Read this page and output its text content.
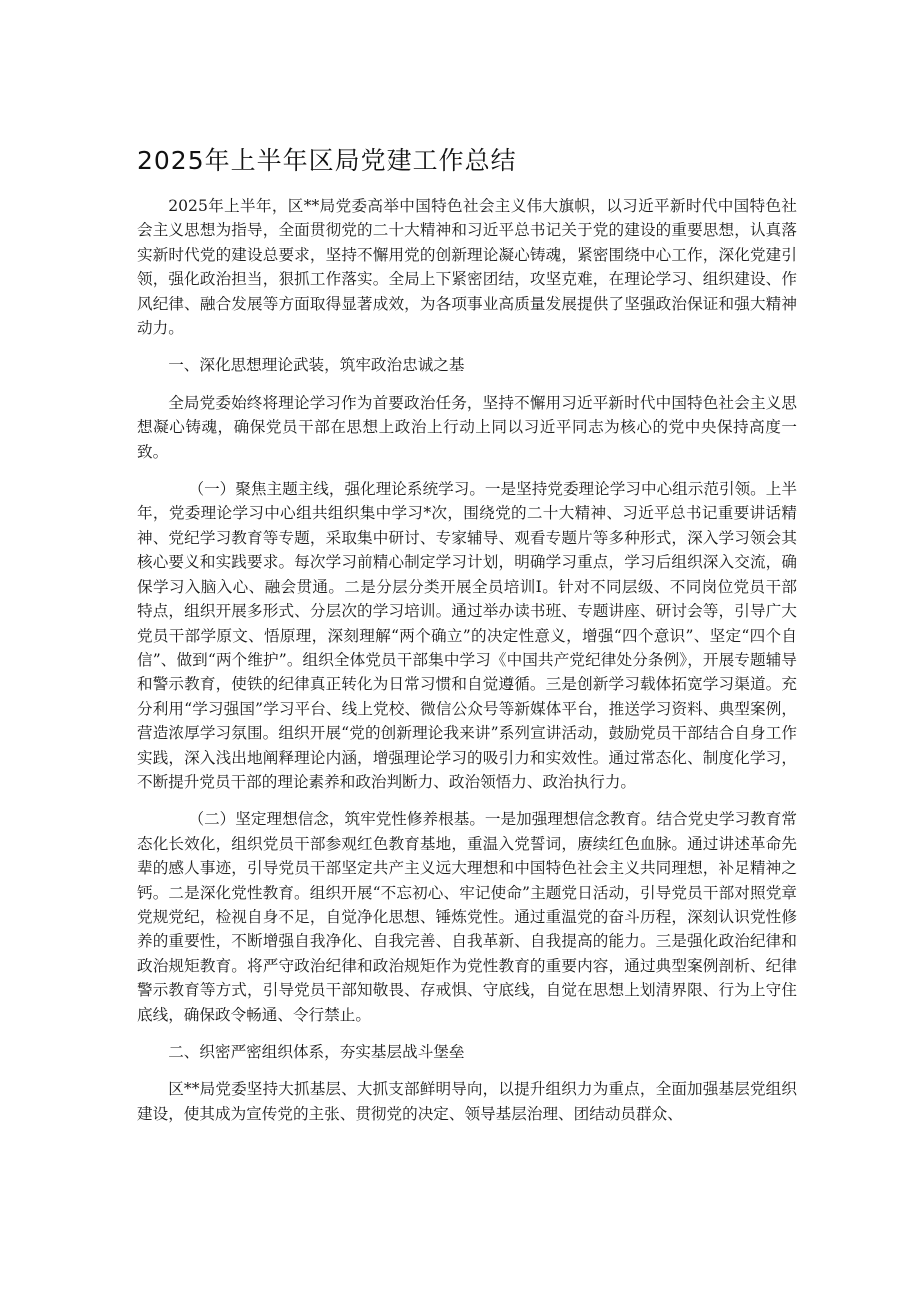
2025年上半年区局党建工作总结

2025年上半年，区**局党委高举中国特色社会主义伟大旗帜，以习近平新时代中国特色社会主义思想为指导，全面贯彻党的二十大精神和习近平总书记关于党的建设的重要思想，认真落实新时代党的建设总要求，坚持不懈用党的创新理论凝心铸魂，紧密围绕中心工作，深化党建引领，强化政治担当，狠抓工作落实。全局上下紧密团结，攻坚克难，在理论学习、组织建设、作风纪律、融合发展等方面取得显著成效，为各项事业高质量发展提供了坚强政治保证和强大精神动力。

一、深化思想理论武装，筑牢政治忠诚之基

全局党委始终将理论学习作为首要政治任务，坚持不懈用习近平新时代中国特色社会主义思想凝心铸魂，确保党员干部在思想上政治上行动上同以习近平同志为核心的党中央保持高度一致。

（一）聚焦主题主线，强化理论系统学习。一是坚持党委理论学习中心组示范引领。上半年，党委理论学习中心组共组织集中学习*次，围绕党的二十大精神、习近平总书记重要讲话精神、党纪学习教育等专题，采取集中研讨、专家辅导、观看专题片等多种形式，深入学习领会其核心要义和实践要求。每次学习前精心制定学习计划，明确学习重点，学习后组织深入交流，确保学习入脑入心、融会贯通。二是分层分类开展全员培训I。针对不同层级、不同岗位党员干部特点，组织开展多形式、分层次的学习培训。通过举办读书班、专题讲座、研讨会等，引导广大党员干部学原文、悟原理，深刻理解“两个确立”的决定性意义，增强“四个意识”、坚定“四个自信”、做到“两个维护”。组织全体党员干部集中学习《中国共产党纪律处分条例》，开展专题辅导和警示教育，使铁的纪律真正转化为日常习惯和自觉遵循。三是创新学习载体拓宽学习渠道。充分利用“学习强国”学习平台、线上党校、微信公众号等新媒体平台，推送学习资料、典型案例，营造浓厚学习氛围。组织开展“党的创新理论我来讲”系列宣讲活动，鼓励党员干部结合自身工作实践，深入浅出地阐释理论内涵，增强理论学习的吸引力和实效性。通过常态化、制度化学习，不断提升党员干部的理论素养和政治判断力、政治领悟力、政治执行力。

（二）坚定理想信念，筑牢党性修养根基。一是加强理想信念教育。结合党史学习教育常态化长效化，组织党员干部参观红色教育基地，重温入党誓词，赓续红色血脉。通过讲述革命先辈的感人事迹，引导党员干部坚定共产主义远大理想和中国特色社会主义共同理想，补足精神之钙。二是深化党性教育。组织开展“不忘初心、牢记使命”主题党日活动，引导党员干部对照党章党规党纪，检视自身不足，自觉净化思想、锤炼党性。通过重温党的奋斗历程，深刻认识党性修养的重要性，不断增强自我净化、自我完善、自我革新、自我提高的能力。三是强化政治纪律和政治规矩教育。将严守政治纪律和政治规矩作为党性教育的重要内容，通过典型案例剖析、纪律警示教育等方式，引导党员干部知敬畏、存戒惧、守底线，自觉在思想上划清界限、行为上守住底线，确保政令畅通、令行禁止。

二、织密严密组织体系，夯实基层战斗堡垒

区**局党委坚持大抓基层、大抓支部鲜明导向，以提升组织力为重点，全面加强基层党组织建设，使其成为宣传党的主张、贯彻党的决定、领导基层治理、团结动员群众、
